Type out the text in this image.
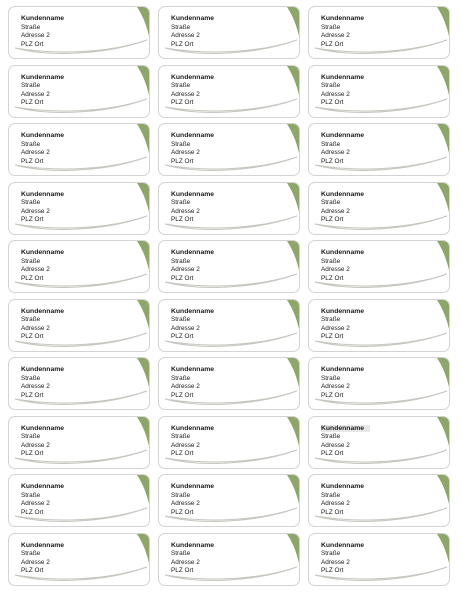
Kundenname
Straße
Adresse 2
PLZ Ort
Kundenname
Straße
Adresse 2
PLZ Ort
Kundenname
Straße
Adresse 2
PLZ Ort
Kundenname
Straße
Adresse 2
PLZ Ort
Kundenname
Straße
Adresse 2
PLZ Ort
Kundenname
Straße
Adresse 2
PLZ Ort
Kundenname
Straße
Adresse 2
PLZ Ort
Kundenname
Straße
Adresse 2
PLZ Ort
Kundenname
Straße
Adresse 2
PLZ Ort
Kundenname
Straße
Adresse 2
PLZ Ort
Kundenname
Straße
Adresse 2
PLZ Ort
Kundenname
Straße
Adresse 2
PLZ Ort
Kundenname
Straße
Adresse 2
PLZ Ort
Kundenname
Straße
Adresse 2
PLZ Ort
Kundenname
Straße
Adresse 2
PLZ Ort
Kundenname
Straße
Adresse 2
PLZ Ort
Kundenname
Straße
Adresse 2
PLZ Ort
Kundenname
Straße
Adresse 2
PLZ Ort
Kundenname
Straße
Adresse 2
PLZ Ort
Kundenname
Straße
Adresse 2
PLZ Ort
Kundenname
Straße
Adresse 2
PLZ Ort
Kundenname
Straße
Adresse 2
PLZ Ort
Kundenname
Straße
Adresse 2
PLZ Ort
Kundenname
Straße
Adresse 2
PLZ Ort
Kundenname
Straße
Adresse 2
PLZ Ort
Kundenname
Straße
Adresse 2
PLZ Ort
Kundenname
Straße
Adresse 2
PLZ Ort
Kundenname
Straße
Adresse 2
PLZ Ort
Kundenname
Straße
Adresse 2
PLZ Ort
Kundenname
Straße
Adresse 2
PLZ Ort
